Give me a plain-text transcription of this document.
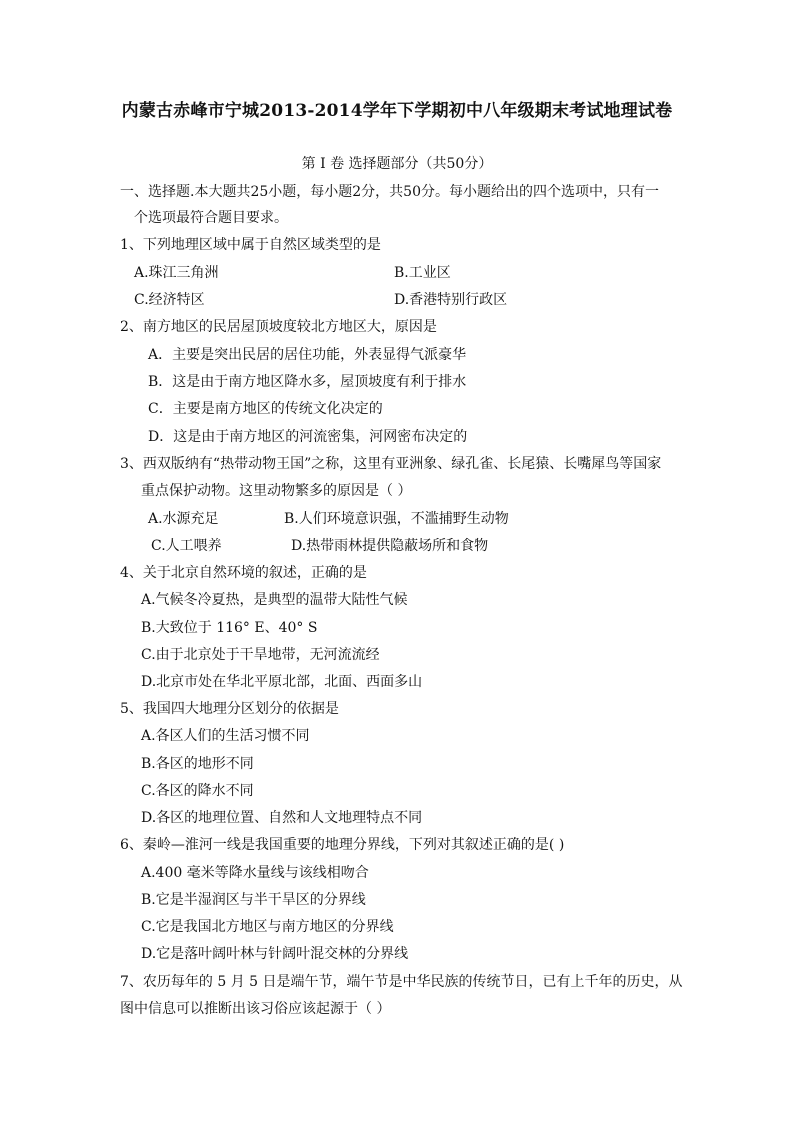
内蒙古赤峰市宁城2013-2014学年下学期初中八年级期末考试地理试卷
第 I 卷 选择题部分（共50分）
一、选择题.本大题共25小题，每小题2分，共50分。每小题给出的四个选项中，只有一
个选项最符合题目要求。
1、下列地理区域中属于自然区域类型的是
A.珠江三角洲	B.工业区
C.经济特区	D.香港特别行政区
2、南方地区的民居屋顶坡度较北方地区大，原因是
A．主要是突出民居的居住功能，外表显得气派豪华
B．这是由于南方地区降水多，屋顶坡度有利于排水
C．主要是南方地区的传统文化决定的
D．这是由于南方地区的河流密集，河网密布决定的
3、西双版纳有“热带动物王国”之称，这里有亚洲象、绿孔雀、长尾猿、长嘴犀鸟等国家
重点保护动物。这里动物繁多的原因是（ ）
A.水源充足	B.人们环境意识强，不滥捕野生动物
C.人工喂养	D.热带雨林提供隐蔽场所和食物
4、关于北京自然环境的叙述，正确的是
A.气候冬冷夏热，是典型的温带大陆性气候
B.大致位于 116° E、40° S
C.由于北京处于干旱地带，无河流流经
D.北京市处在华北平原北部，北面、西面多山
5、我国四大地理分区划分的依据是
A.各区人们的生活习惯不同
B.各区的地形不同
C.各区的降水不同
D.各区的地理位置、自然和人文地理特点不同
6、秦岭—淮河一线是我国重要的地理分界线，下列对其叙述正确的是( )
A.400 毫米等降水量线与该线相吻合
B.它是半湿润区与半干旱区的分界线
C.它是我国北方地区与南方地区的分界线
D.它是落叶阔叶林与针阔叶混交林的分界线
7、农历每年的 5 月 5 日是端午节，端午节是中华民族的传统节日，已有上千年的历史，从
图中信息可以推断出该习俗应该起源于（ ）
